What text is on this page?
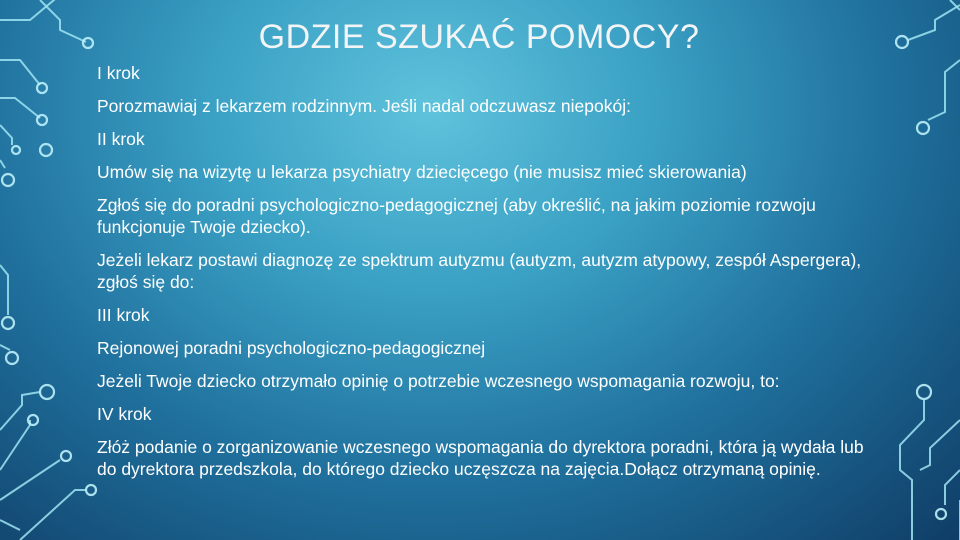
GDZIE SZUKAĆ POMOCY?

I krok

Porozmawiaj z lekarzem rodzinnym. Jeśli nadal odczuwasz niepokój:

II krok

Umów się na wizytę u lekarza psychiatry dziecięcego (nie musisz mieć skierowania)

Zgłoś się do poradni psychologiczno-pedagogicznej (aby określić, na jakim poziomie rozwoju funkcjonuje Twoje dziecko).

Jeżeli lekarz postawi diagnozę ze spektrum autyzmu (autyzm, autyzm atypowy, zespół Aspergera), zgłoś się do:

III krok

Rejonowej poradni psychologiczno-pedagogicznej

Jeżeli Twoje dziecko otrzymało opinię o potrzebie wczesnego wspomagania rozwoju, to:

IV krok

Złóż podanie o zorganizowanie wczesnego wspomagania do dyrektora poradni, która ją wydała lub do dyrektora przedszkola, do którego dziecko uczęszcza na zajęcia.Dołącz otrzymaną opinię.
